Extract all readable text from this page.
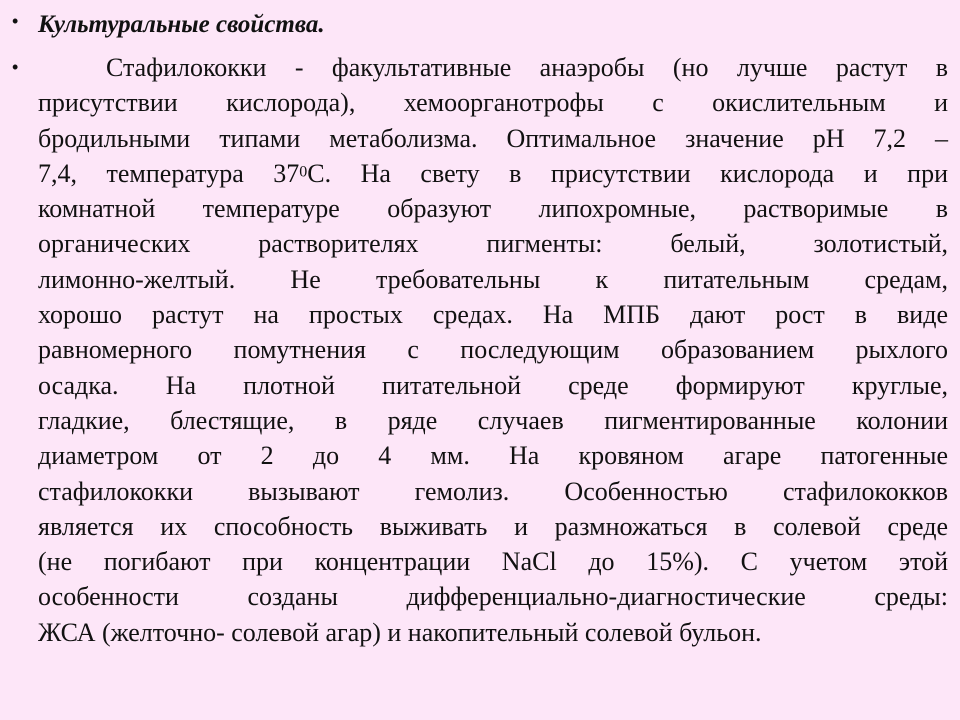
• Культуральные свойства.
•	Стафилококки - факультативные анаэробы (но лучше растут в
присутствии кислорода), хемоорганотрофы с окислительным и
бродильными типами метаболизма. Оптимальное значение рН 7,2 –
7,4, температура $37^0С$. На свету в присутствии кислорода и при
комнатной температуре образуют липохромные, растворимые в
органических растворителях пигменты: белый, золотистый,
лимонно-желтый. Не требовательны к питательным средам,
хорошо растут на простых средах. На МПБ дают рост в виде
равномерного помутнения с последующим образованием рыхлого
осадка. На плотной питательной среде формируют круглые,
гладкие, блестящие, в ряде случаев пигментированные колонии
диаметром от 2 до 4 мм. На кровяном агаре патогенные
стафилококки вызывают гемолиз. Особенностью стафилококков
является их способность выживать и размножаться в солевой среде
(не погибают при концентрации NaCl до 15%). С учетом этой
особенности созданы дифференциально-диагностические среды:
ЖСА (желточно- солевой агар) и накопительный солевой бульон.
